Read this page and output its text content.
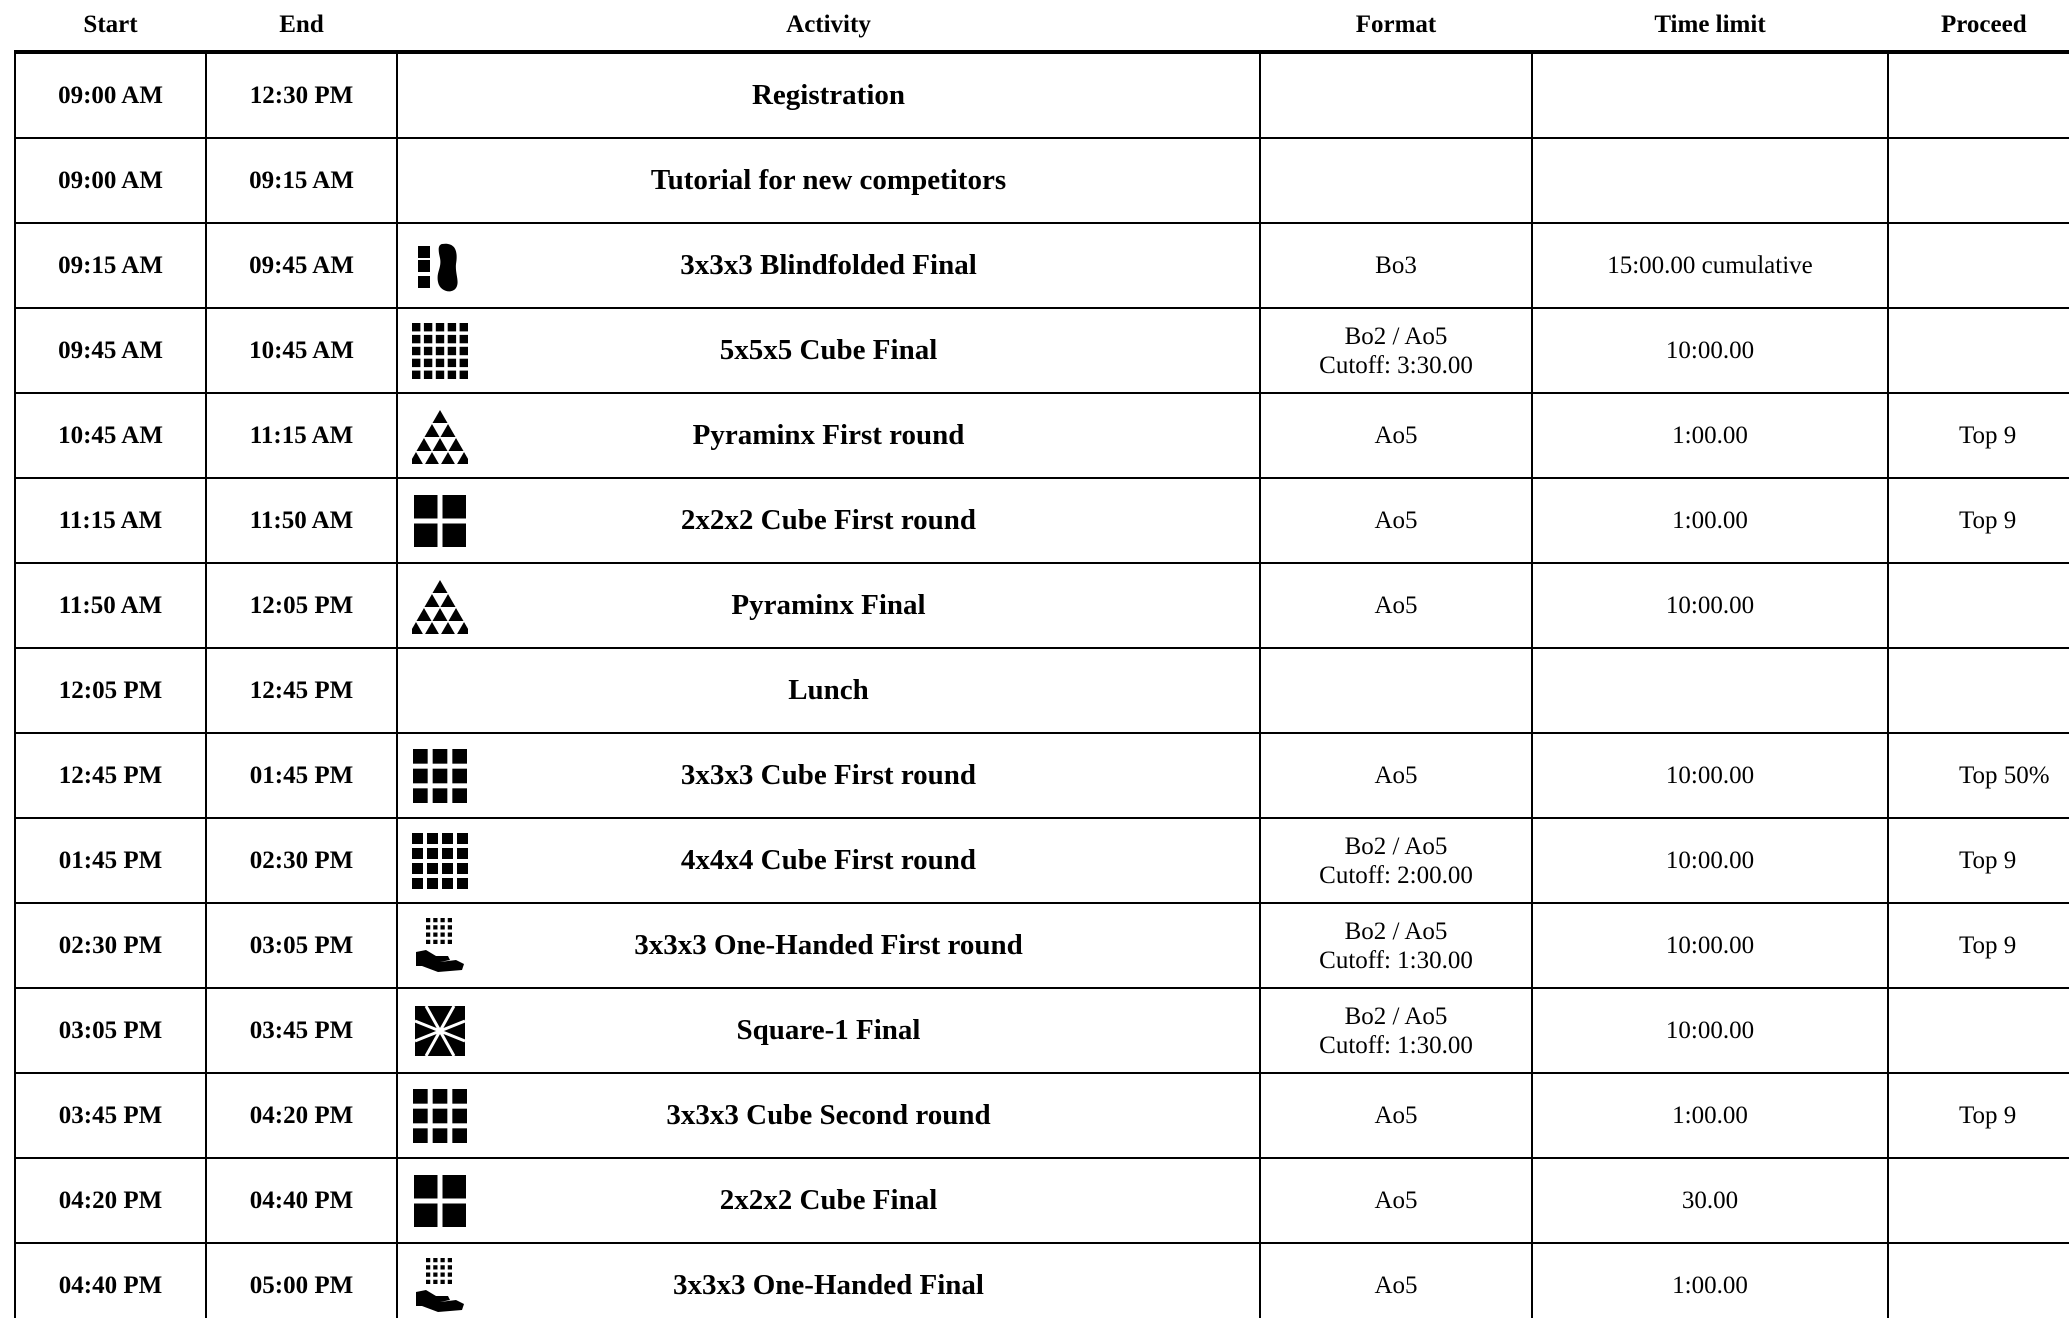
Start	End	Activity	Format	Time limit	Proceed
09:00 AM	12:30 PM	Registration	

09:00 AM	09:15 AM	Tutorial for new competitors	

09:15 AM	09:45 AM	3x3x3 Blindfolded Final	Bo3	15:00.00 cumulative	
09:45 AM	10:45 AM	5x5x5 Cube Final	Bo2 / Ao5
Cutoff: 3:30.00	10:00.00	
10:45 AM	11:15 AM	Pyraminx First round	Ao5	1:00.00	Top 9
11:15 AM	11:50 AM	2x2x2 Cube First round	Ao5	1:00.00	Top 9
11:50 AM	12:05 PM	Pyraminx Final	Ao5	10:00.00	
12:05 PM	12:45 PM	Lunch	

12:45 PM	01:45 PM	3x3x3 Cube First round	Ao5	10:00.00	Top 50%
01:45 PM	02:30 PM	4x4x4 Cube First round	Bo2 / Ao5
Cutoff: 2:00.00	10:00.00	Top 9
02:30 PM	03:05 PM	3x3x3 One-Handed First round	Bo2 / Ao5
Cutoff: 1:30.00	10:00.00	Top 9
03:05 PM	03:45 PM	Square-1 Final	Bo2 / Ao5
Cutoff: 1:30.00	10:00.00	
03:45 PM	04:20 PM	3x3x3 Cube Second round	Ao5	1:00.00	Top 9
04:20 PM	04:40 PM	2x2x2 Cube Final	Ao5	30.00	
04:40 PM	05:00 PM	3x3x3 One-Handed Final	Ao5	1:00.00	
